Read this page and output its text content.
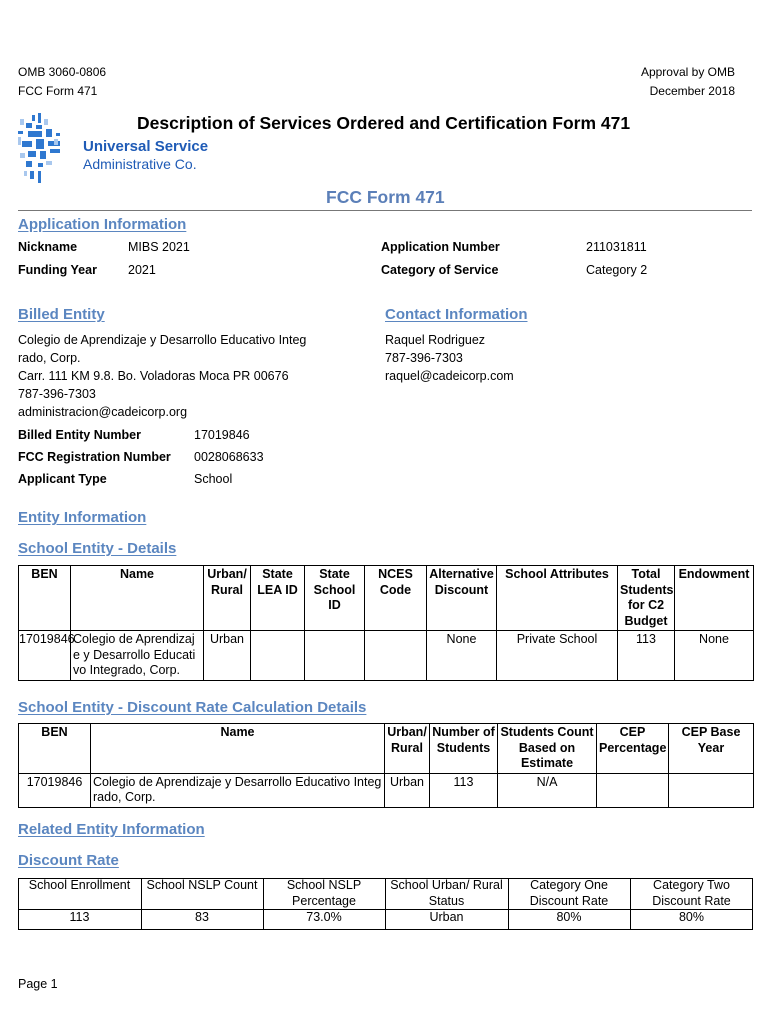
OMB 3060-0806
FCC Form 471
Approval by OMB
December 2018
Universal Service
Administrative Co.
Description of Services Ordered and Certification Form 471
FCC Form 471
Application Information
Nickname	MIBS 2021
Funding Year 2021
Application Number	211031811
Category of Service	Category 2
Billed Entity
Colegio de Aprendizaje y Desarrollo Educativo Integ
rado, Corp.
Carr. 111 KM 9.8. Bo. Voladoras Moca PR 00676
787-396-7303
administracion@cadeicorp.org
Contact Information
Raquel Rodriguez
787-396-7303
raquel@cadeicorp.com
Billed Entity Number	17019846
FCC Registration Number 0028068633
Applicant Type	School
Entity Information
School Entity - Details
BEN	Name	Urban/ Rural	State LEA ID	State School ID	NCES Code	Alternative Discount	School Attributes	Total Students for C2 Budget	Endowment
17019846	Colegio de Aprendizaje y Desarrollo Educativo Integrado, Corp.	Urban				None	Private School	113	None
School Entity - Discount Rate Calculation Details
BEN	Name	Urban/ Rural	Number of Students	Students Count Based on Estimate	CEP Percentage	CEP Base Year
17019846	Colegio de Aprendizaje y Desarrollo Educativo Integrado, Corp.	Urban	113	N/A		
Related Entity Information
Discount Rate
School Enrollment	School NSLP Count	School NSLP Percentage	School Urban/ Rural Status	Category One Discount Rate	Category Two Discount Rate
113	83	73.0%	Urban	80%	80%
Page 1
